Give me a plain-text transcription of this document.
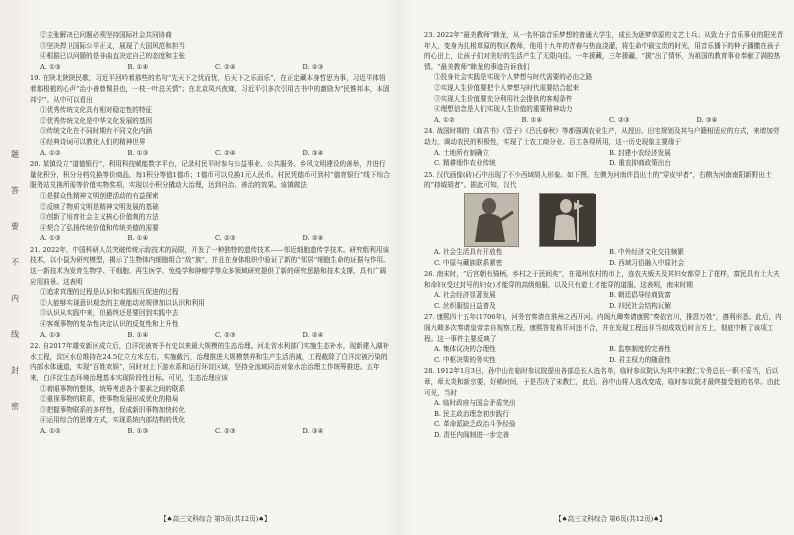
题
答
要
不
内
线
封
密

②主张解决已问题必须坚持国际社会共同协商

③坚决捍卫国际公平正义，展现了大国风范和担当

④根据已以问题的是非曲直决定自己的态度和主张

A. ①③	B. ①④	C. ②④	D. ②③

19. 在陕北陕陕民歌，习近平回吟着那些的名句“先天下之忧而忧，后天下之乐而乐”，在正定藏本身哲思为事，习近平体悟着那根植的心声“治小善曾惕县也，一枝一叶总关情”；在北京凤兴夜寐，习近平引多次引用古书中的激励为“民惟邦本，本固邦宁”。从中可以看出

①优秀传统文化具有相对稳定性的特征

②优秀传统文化是中华文化发展的基因

③传统文化在不同时期有不同文化内涵

④经典诗词可以教化人们的精神世界

A. ①②	B. ①③	C. ②④	D. ③④

20. 某镇设立“道德银行”，利用科技赋能数字平台，记录村民平时参与公益事业、公共服务、乡风文明建设的善举，并进行量化积分，积分分档兑换等价商品，每1积分等值1德币；1德币可以兑换1元人民币。村民凭德币可到村“德育银行”线下综合服务站兑换所需等价值实物奖项，实现以小积分撬动大治理，达到自治、善治的效果。该镇做法

①是群众性精神文明创建活动的有益探索

②反映了物质文明是精神文明发展的基础

③创新了培育社会主义核心价值观的方法

④契合了弘扬传统价值和传统美德的需要

A. ①③	B. ①④	C. ②③	D. ②④

21. 2022年，中国科研人员突破传统示踪技术的局限，开发了一种独特的遗传技术——邻近细胞遗传学技术。研究组利用该技术，以小鼠为研究模型，揭示了生物体内细胞组合“敌”族“，并且在身体组织中验证了新的“邻居”细胞生命的证据与作用。这一新技术为发育生物学、干细胞、再生医学、免疫学和肿瘤学等众多领域研究提供了新的研究思路和技术支撑，具有广阔应用前景。这表明

①追求真理的过程是认识和实践相互促进的过程

②人能够实现意识观念的主观能动对规律加以认识和利用

③认识从实践中来，但最终还是要回到实践中去

④客观事物的复杂性决定认识的反复性和上升性

A. ①③	B. ①④	C. ②③	D. ②④

22. 自2017年雄安新区成立后，白洋淀被寄予有史以来最大规模的生态治理。河北省水利部门实施生态补水，现新建入湖补水工程，淀区水位维持在24.5亿立方米左右，实施截污，治理推进大规模禁养和生产生活消减，工程截除了白洋淀被污染的内部水体通道，实现“百姓欢娱”，同时对上下游水系和运行环淀区域，坚持全流域同治对象水治治理工作统筹推进。五年来，白洋淀生态环境治理基本实现阶段性目标。可见，生态治理应该

①着眼事物的整体，统筹考虑各个要素之间的联系

②重视事物的联系，使事物发展形成优化的格局

③把握事物联系的多样性，促成新旧事物加快转化

④运用综合的思维方式，实现系统内部结构的优化

A. ①②	B. ①③	C. ②③	D. ③④
【♠高三文科综合 第5页(共12页)♠】

23. 2022年“最美教师”韩龙，从一名怀揣音乐梦想的普通大学生，成长为逐梦草原的文艺士兵；从致力于音乐事业的阳光青年人，变身为扎根草原的牧区教师，他用十九年的青春与热血浇灌，将生命中最宝贵的时光，用音乐播下的种子播撒在孩子的心田上，让孩子们对美好的生活产生了无限向往。一年援藏，三年援疆，“援”出了情怀，为祖国的教育事业奉献了满腔热情。“最美教师”韩龙的事迹告诉我们

①投身社会实践是实现个人梦想与时代需要的必由之路

②实现人生价值要把个人梦想与时代需要结合起来

③实现人生价值要充分利用社会提供的客观条件

④理想信念是人们实现人生价值的重要精神动力

A. ①②	B. ①④	C. ②③	D. ③④

24. 战国时期的《商君书》《管子》《吕氏春秋》等都强调农业生产，从授田、田宅规划及其与户籍相适应的方式，来增加劳动力，调动农民的积极性，实现了士农工商分业、百工各得所用，这一历史现象主要缘于

A. 土地所有制确立	B. 封建小农经济发展
C. 精耕细作农业传统	D. 重农抑商政策出台

25. 汉代画像(砖)石中出现了不少西域胡人形象。如下图，左侧为河南许昌出土的“穿皮甲者”，右侧为河南南阳新野出土的“持钺胡者”。据此可知，汉代

A. 社会生活具有开放性	B. 中外经济文化交往频繁
C. 中原与藏族联系紧密	D. 西域习俗融入中原社会

26. 南宋时，“后宫朝有骑柄，乡村之于民间矣”，在福州农村的市上，连农夫贩夫及其妇女都穿上了花样，富民具有士大夫和命妇(受过封号的妇女)才能穿的高级细服，以及只有道士才能穿的道服。这表明，南宋时期

A. 社会经济显著发展	B. 朝廷倡导经商致富
C. 丝织服装日益普及	D. 四民社会结构瓦解

27. 康熙四十五年(1706年)，河务官奏请在淮州之西开河。内阁九卿奏请康熙“奏依官川，推恩万姓”，遵利形悉。此后，内阁九卿多次奏请皇帝亲自视察工程，康熙答复称开河违不合，并在发现工程远非当初成效后时言方上，彻底中断了该项工程。这一事件主要反映了

A. 集体议决的合理性	B. 监察制度的完善性
C. 中枢决策的务实性	D. 君主权力的随意性

28. 1912年1月3日，孙中山在临时参议院提出各部总长人选名单，临时参议院认为其中宋教仁专务总长一职不妥当，后以章，章太炎和新宗要，好稀时间，于是否决了宋教仁，此后，孙中山将人选改变成，临时参议院才最终接受他的名单。由此可见，当时

A. 临时政府与国会矛盾突出

B. 民主政治理念初步践行

C. 革命派缺乏政治斗争经验

D. 责任内阁制进一步完善

【♠高三文科综合 第6页(共12页)♠】
